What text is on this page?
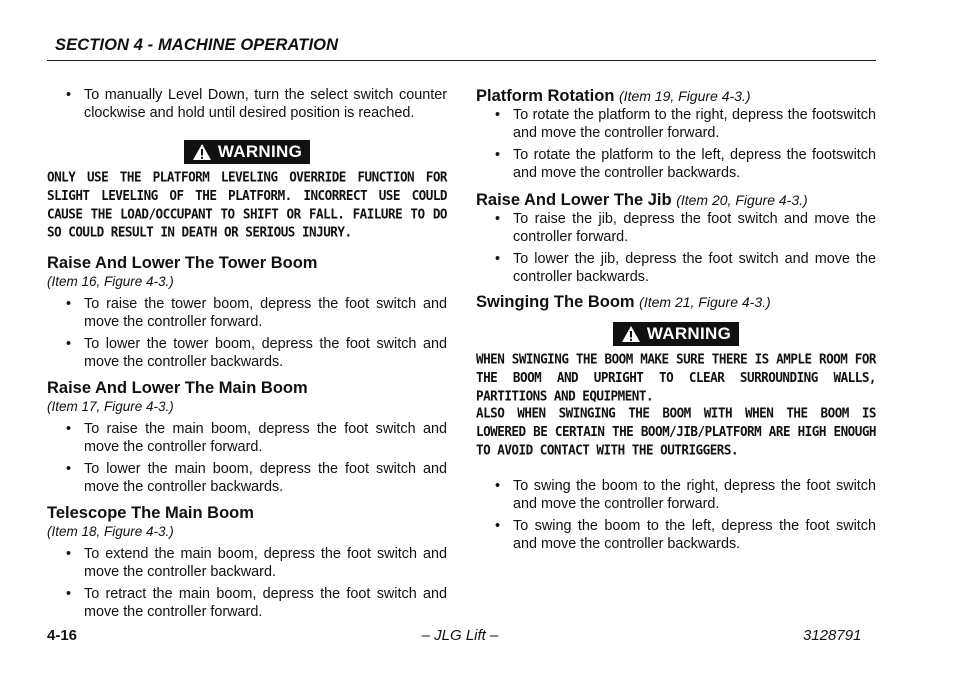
SECTION 4 - MACHINE OPERATION
• To manually Level Down, turn the select switch counter clockwise and hold until desired position is reached.
WARNING

ONLY USE THE PLATFORM LEVELING OVERRIDE FUNCTION FOR SLIGHT LEVELING OF THE PLATFORM. INCORRECT USE COULD CAUSE THE LOAD/OCCUPANT TO SHIFT OR FALL. FAILURE TO DO SO COULD RESULT IN DEATH OR SERIOUS INJURY.

Raise And Lower The Tower Boom

(Item 16, Figure 4-3.)

• To raise the tower boom, depress the foot switch and move the controller forward.
• To lower the tower boom, depress the foot switch and move the controller backwards.

Raise And Lower The Main Boom

(Item 17, Figure 4-3.)

• To raise the main boom, depress the foot switch and move the controller forward.
• To lower the main boom, depress the foot switch and move the controller backwards.

Telescope The Main Boom

(Item 18, Figure 4-3.)

• To extend the main boom, depress the foot switch and move the controller backward.
• To retract the main boom, depress the foot switch and move the controller forward.

Platform Rotation (Item 19, Figure 4-3.)

• To rotate the platform to the right, depress the footswitch and move the controller forward.
• To rotate the platform to the left, depress the footswitch and move the controller backwards.

Raise And Lower The Jib (Item 20, Figure 4-3.)

• To raise the jib, depress the foot switch and move the controller forward.
• To lower the jib, depress the foot switch and move the controller backwards.

Swinging The Boom (Item 21, Figure 4-3.)

WARNING

WHEN SWINGING THE BOOM MAKE SURE THERE IS AMPLE ROOM FOR THE BOOM AND UPRIGHT TO CLEAR SURROUNDING WALLS, PARTITIONS AND EQUIPMENT.

ALSO WHEN SWINGING THE BOOM WITH WHEN THE BOOM IS LOWERED BE CERTAIN THE BOOM/JIB/PLATFORM ARE HIGH ENOUGH TO AVOID CONTACT WITH THE OUTRIGGERS.

• To swing the boom to the right, depress the foot switch and move the controller forward.
• To swing the boom to the left, depress the foot switch and move the controller backwards.
4-16	– JLG Lift –	3128791
